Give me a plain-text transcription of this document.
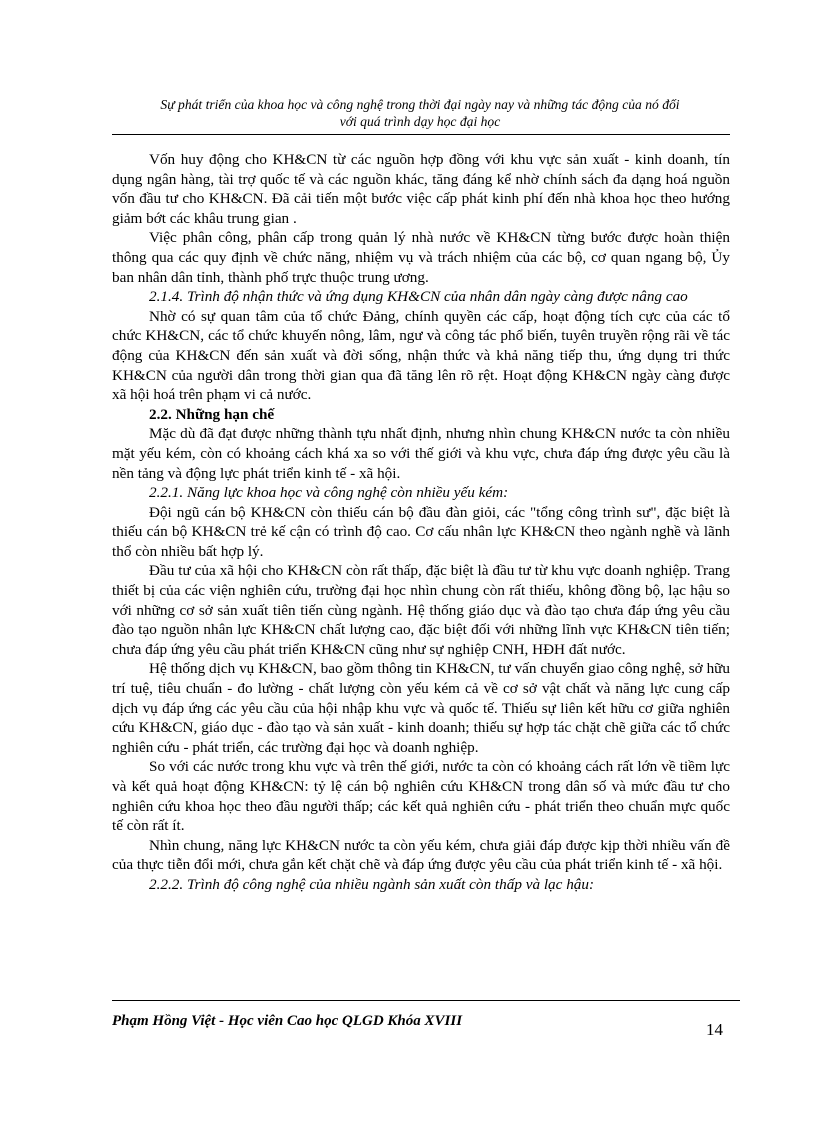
Sự phát triển của khoa học và công nghệ trong thời đại ngày nay và những tác động của nó đối
với quá trình dạy học đại học

Vốn huy động cho KH&CN từ các nguồn hợp đồng với khu vực sản xuất - kinh doanh, tín dụng ngân hàng, tài trợ quốc tế và các nguồn khác, tăng đáng kể nhờ chính sách đa dạng hoá nguồn vốn đầu tư cho KH&CN. Đã cải tiến một bước việc cấp phát kinh phí đến nhà khoa học theo hướng giảm bớt các khâu trung gian .

Việc phân công, phân cấp trong quản lý nhà nước về KH&CN từng bước được hoàn thiện thông qua các quy định về chức năng, nhiệm vụ và trách nhiệm của các bộ, cơ quan ngang bộ, Ủy ban nhân dân tỉnh, thành phố trực thuộc trung ương.

2.1.4. Trình độ nhận thức và ứng dụng KH&CN của nhân dân ngày càng được nâng cao

Nhờ có sự quan tâm của tổ chức Đảng, chính quyền các cấp, hoạt động tích cực của các tổ chức KH&CN, các tổ chức khuyến nông, lâm, ngư và công tác phổ biến, tuyên truyền rộng rãi về tác động của KH&CN đến sản xuất và đời sống, nhận thức và khả năng tiếp thu, ứng dụng tri thức KH&CN của người dân trong thời gian qua đã tăng lên rõ rệt. Hoạt động KH&CN ngày càng được xã hội hoá trên phạm vi cả nước.

2.2. Những hạn chế

Mặc dù đã đạt được những thành tựu nhất định, nhưng nhìn chung KH&CN nước ta còn nhiều mặt yếu kém, còn có khoảng cách khá xa so với thế giới và khu vực, chưa đáp ứng được yêu cầu là nền tảng và động lực phát triển kinh tế - xã hội.

2.2.1. Năng lực khoa học và công nghệ còn nhiều yếu kém:

Đội ngũ cán bộ KH&CN còn thiếu cán bộ đầu đàn giỏi, các "tổng công trình sư", đặc biệt là thiếu cán bộ KH&CN trẻ kế cận có trình độ cao. Cơ cấu nhân lực KH&CN theo ngành nghề và lãnh thổ còn nhiều bất hợp lý.

Đầu tư của xã hội cho KH&CN còn rất thấp, đặc biệt là đầu tư từ khu vực doanh nghiệp. Trang thiết bị của các viện nghiên cứu, trường đại học nhìn chung còn rất thiếu, không đồng bộ, lạc hậu so với những cơ sở sản xuất tiên tiến cùng ngành. Hệ thống giáo dục và đào tạo chưa đáp ứng yêu cầu đào tạo nguồn nhân lực KH&CN chất lượng cao, đặc biệt đối với những lĩnh vực KH&CN tiên tiến; chưa đáp ứng yêu cầu phát triển KH&CN cũng như sự nghiệp CNH, HĐH đất nước.

Hệ thống dịch vụ KH&CN, bao gồm thông tin KH&CN, tư vấn chuyển giao công nghệ, sở hữu trí tuệ, tiêu chuẩn - đo lường - chất lượng còn yếu kém cả về cơ sở vật chất và năng lực cung cấp dịch vụ đáp ứng các yêu cầu của hội nhập khu vực và quốc tế. Thiếu sự liên kết hữu cơ giữa nghiên cứu KH&CN, giáo dục - đào tạo và sản xuất - kinh doanh; thiếu sự hợp tác chặt chẽ giữa các tổ chức nghiên cứu - phát triển, các trường đại học và doanh nghiệp.

So với các nước trong khu vực và trên thế giới, nước ta còn có khoảng cách rất lớn về tiềm lực và kết quả hoạt động KH&CN: tỷ lệ cán bộ nghiên cứu KH&CN trong dân số và mức đầu tư cho nghiên cứu khoa học theo đầu người thấp; các kết quả nghiên cứu - phát triển theo chuẩn mực quốc tế còn rất ít.

Nhìn chung, năng lực KH&CN nước ta còn yếu kém, chưa giải đáp được kịp thời nhiều vấn đề của thực tiễn đổi mới, chưa gắn kết chặt chẽ và đáp ứng được yêu cầu của phát triển kinh tế - xã hội.

2.2.2. Trình độ công nghệ của nhiều ngành sản xuất còn thấp và lạc hậu:

Phạm Hồng Việt - Học viên Cao học QLGD Khóa XVIII	14
